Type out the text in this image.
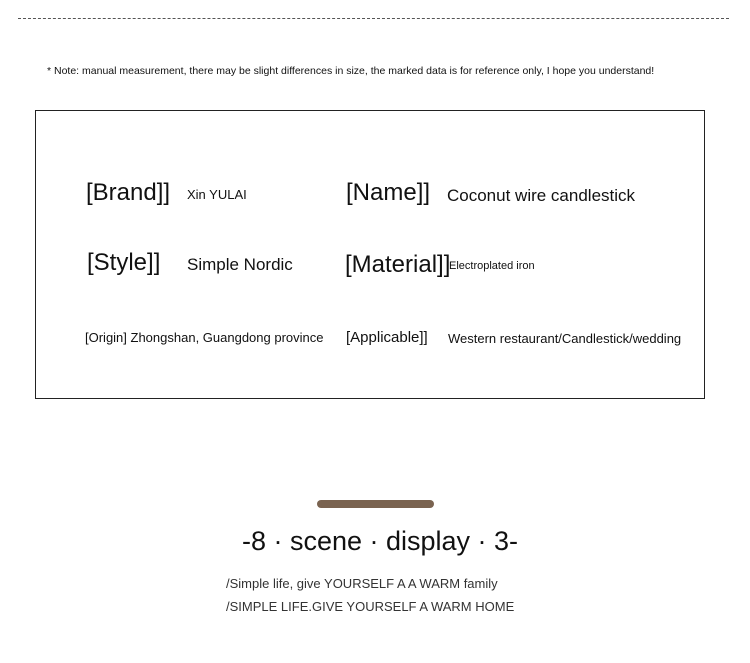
* Note: manual measurement, there may be slight differences in size, the marked data is for reference only, I hope you understand!
[Brand]] Xin YULAI	[Name]] Coconut wire candlestick
[Style]] Simple Nordic [Material]]
Electroplated iron
[Origin] Zhongshan, Guangdong province [Applicable]] Western restaurant/Candlestick/wedding
-8 · scene · display · 3-
/Simple life, give YOURSELF A A WARM family
/SIMPLE LIFE.GIVE YOURSELF A WARM HOME
